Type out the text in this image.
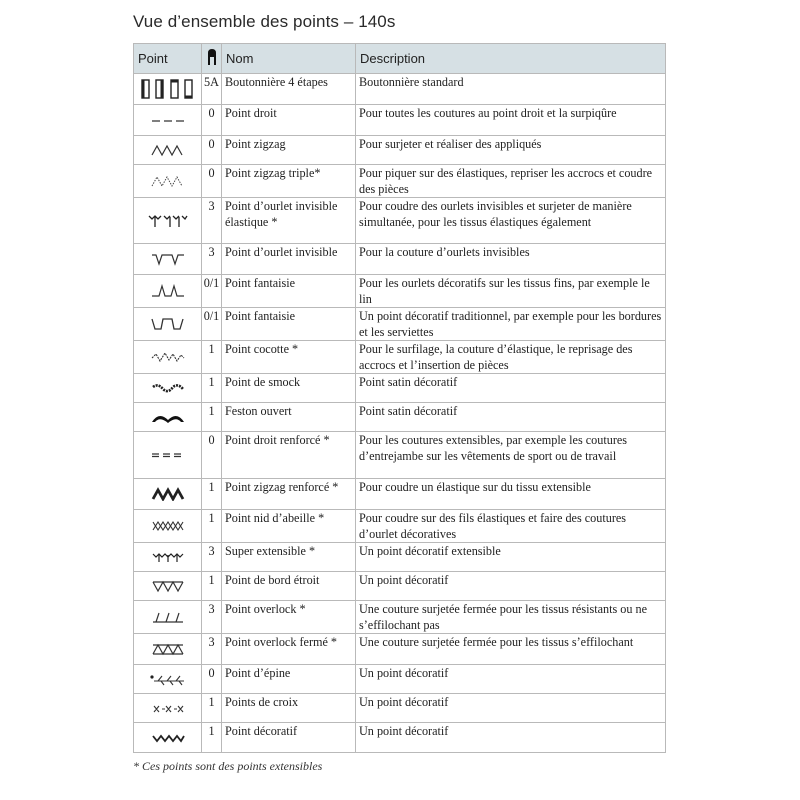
Vue d’ensemble des points – 140s
Point		Nom	Description

	5A	Boutonnière 4 étapes	Boutonnière standard

	0	Point droit	Pour toutes les coutures au point droit et la surpiqûre

	0	Point zigzag	Pour surjeter et réaliser des appliqués

	0	Point zigzag triple*	Pour piquer sur des élastiques, repriser les accrocs et coudre des pièces

	3	Point d’ourlet invisible élastique *	Pour coudre des ourlets invisibles et surjeter de manière simultanée, pour les tissus élastiques également

	3	Point d’ourlet invisible	Pour la couture d’ourlets invisibles

	0/1	Point fantaisie	Pour les ourlets décoratifs sur les tissus fins, par exemple le lin

	0/1	Point fantaisie	Un point décoratif traditionnel, par exemple pour les bordures et les serviettes

	1	Point cocotte *	Pour le surfilage, la couture d’élastique, le reprisage des accrocs et l’insertion de pièces

	1	Point de smock	Point satin décoratif

	1	Feston ouvert	Point satin décoratif

	0	Point droit renforcé *	Pour les coutures extensibles, par exemple les coutures d’entrejambe sur les vêtements de sport ou de travail

	1	Point zigzag renforcé *	Pour coudre un élastique sur du tissu extensible

	1	Point nid d’abeille *	Pour coudre sur des fils élastiques et faire des coutures d’ourlet décoratives

	3	Super extensible *	Un point décoratif extensible

	1	Point de bord étroit	Un point décoratif

	3	Point overlock *	Une couture surjetée fermée pour les tissus résistants ou ne s’effilochant pas

	3	Point overlock fermé *	Une couture surjetée fermée pour les tissus s’effilochant

	0	Point d’épine	Un point décoratif

	1	Points de croix	Un point décoratif

	1	Point décoratif	Un point décoratif
* Ces points sont des points extensibles
